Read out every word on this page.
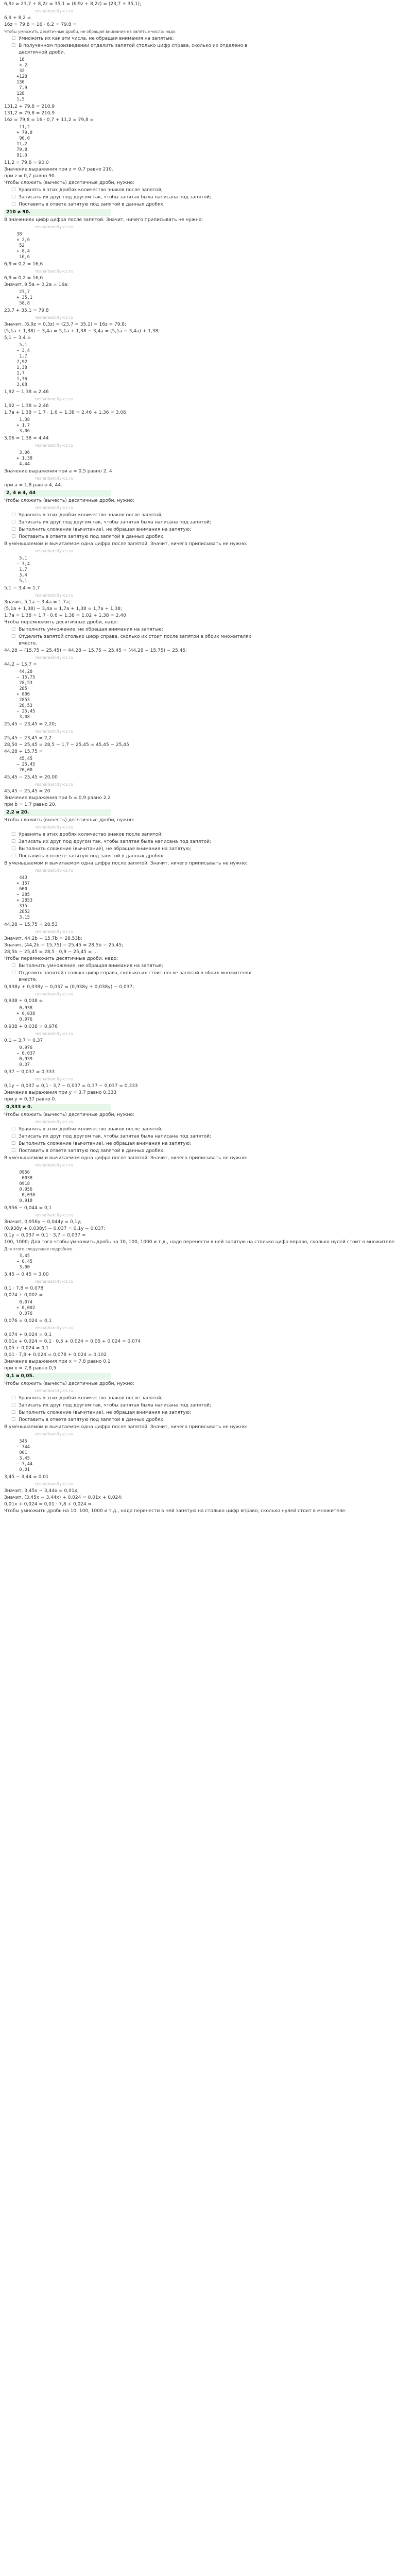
6,9z = 23,7 + 8,2z = 35,1 = (6,9z + 8,2z) = (23,7 + 35,1);

reshalbarcity-cs.ru

6,9 + 8,2 =

16z = 79,8 = 16 · 6,2 = 79,8 =

Чтобы умножить десятичные дроби, не обращая внимания на запятые число: надо:

☐ Умножить их как эти числа, не обращая внимания на запятые;
☐ В полученном произведении отделить запятой столько цифр справа, сколько их отделено в десятичной дроби.
16
× 2
32
+128
130
7,9
128
1,5

131,2 + 79,8 = 210,9

131,2 = 79,8 = 210,9

16z = 79,8 = 16 · 0,7 + 11,2 = 79,8 =

11,2
+ 79,8
90,0
11,2
79,8
91,0

11,2 = 79,8 = 90,0

Значение выражения при z = 0,7 равно 210.

при z = 0,7 равно 90.

Чтобы сложить (вычесть) десятичные дроби, нужно:

☐ Уравнять в этих дробях количество знаков после запятой;
☐ Записать их друг под другом так, чтобы запятая была написана под запятой;
☐ Поставить в ответе запятую под запятой в данных дробях.
210 и 90.

В значениях цифр цифра после запятой. Значит, ничего приписывать не нужно:

reshalbarcity-cs.ru
38
× 2,6
52
+ 8,4
16,6

6,9 = 0,2 = 16,6

reshalbarcity-cs.ru

6,9 = 0,2 = 16,6

Значит, 9,5а + 0,2а = 16а:

23,7
+ 35,1
58,8

23,7 + 35,1 = 79,8

reshalbarcity-cs.ru

Значит, (6,9z = 0,3z) = (23,7 = 35,1) = 16z = 79,8;

(5,1а + 1,38) − 3,4а = 5,1а + 1,38 − 3,4а = (5,1а − 3,4а) + 1,38;

5,1 − 3,4 =

5,1
− 3,4
1,7
7,92
1,38
1,7
1,36
3,08

1,92 − 1,38 = 2,46

reshalbarcity-cs.ru

1,92 − 1,38 = 2,46

1,7а + 1,38 = 1,7 · 1,6 + 1,38 = 2,46 + 1,36 = 3,06

1,38
+ 1,7
3,06

3,06 = 1,38 = 4,44

reshalbarcity-cs.ru
3,06
+ 1,38
4,44

Значение выражения при а = 0,5 равно 2, 4

reshalbarcity-cs.ru

при а = 1,8 равно 4, 44.

2, 4 и 4, 44

Чтобы сложить (вычесть) десятичные дроби, нужно:

reshalbarcity-cs.ru
☐ Уравнять в этих дробях количество знаков после запятой;
☐ Записать их друг под другом так, чтобы запятая была написана под запятой;
☐ Выполнить сложение (вычитание), не обращая внимания на запятую;
☐ Поставить в ответе запятую под запятой в данных дробях.

В уменьшаемом и вычитаемом одна цифра после запятой. Значит, ничего приписывать не нужно.

reshalbarcity-cs.ru
5,1
− 3,4
1,7
3,4
5,1

5,1 − 3,4 = 1,7

reshalbarcity-cs.ru

Значит, 5,1а − 3,4а = 1,7а;

(5,1а + 1,38) − 3,4а = 1,7а + 1,38 = 1,7а + 1,38;

1,7а = 1,38 = 1,7 · 0,6 + 1,38 = 1,02 + 1,38 = 2,40

Чтобы перемножить десятичные дроби, надо:

☐ Выполнить умножение, не обращая внимания на запятые;
☐ Отделить запятой столько цифр справа, сколько их стоит после запятой в обоих множителях вместе.

44,28 − (15,75 − 25,45) = 44,28 − 15,75 − 25,45 = (44,28 − 15,75) − 25,45;

reshalbarcity-cs.ru

44,2 − 15,7 =

44,28
− 15,75
28,53
285
+ 000
2853
28,53
− 25,45
3,08

25,45 − 23,45 = 2,20;

reshalbarcity-cs.ru

25,45 − 23,45 = 2,2

28,50 − 25,45 = 28,5 − 1,7 − 25,45 = 45,45 − 25,45

44,28 + 15,75 =

45,45
− 25,45
20,00

45,45 − 25,45 = 20,00

reshalbarcity-cs.ru

45,45 − 25,45 = 20

Значение выражения при b = 0,9 равно 2,2

при b = 1,7 равно 20.

2,2 и 20.

Чтобы сложить (вычесть) десятичные дроби, нужно:

reshalbarcity-cs.ru
☐ Уравнять в этих дробях количество знаков после запятой;
☐ Записать их друг под другом так, чтобы запятая была написана под запятой;
☐ Выполнить сложение (вычитание), не обращая внимания на запятую;
☐ Поставить в ответе запятую под запятой в данных дробях.

В уменьшаемом и вычитаемом одна цифра после запятой. Значит, ничего приписывать не нужно:

reshalbarcity-cs.ru
443
+ 157
600
− 285
+ 2853
315
2853
3,15

44,28 − 15,75 = 28,53

reshalbarcity-cs.ru

Значит, 44,2b − 15,7b = 28,53b;

Значит, (44,2b − 15,75) − 25,45 = 28,5b − 25,45;

28,5b − 25,45 = 28,5 · 0,9 − 25,45 = ...

Чтобы перемножить десятичные дроби, надо:

☐ Выполнить умножение, не обращая внимания на запятые;
☐ Отделить запятой столько цифр справа, сколько их стоит после запятой в обоих множителях вместе.

0,938у + 0,038у − 0,037 = (0,938у + 0,038у) − 0,037;

reshalbarcity-cs.ru

0,938 + 0,038 =

0,938
+ 0,038
0,976

0,938 + 0,038 = 0,976

reshalbarcity-cs.ru

0,1 − 3,7 = 0,37

0,976
− 0,037
0,939
0,37

0,37 − 0,037 = 0,333

reshalbarcity-cs.ru

0,1у − 0,037 = 0,1 · 3,7 − 0,037 = 0,37 − 0,037 = 0,333

Значение выражения при у = 3,7 равно 0,333

при у = 0,37 равно 0.

0,333 и 0.

Чтобы сложить (вычесть) десятичные дроби, нужно:

reshalbarcity-cs.ru
☐ Уравнять в этих дробях количество знаков после запятой;
☐ Записать их друг под другом так, чтобы запятая была написана под запятой;
☐ Выполнить сложение (вычитание), не обращая внимания на запятую;
☐ Поставить в ответе запятую под запятой в данных дробях.

В уменьшаемом и вычитаемом одна цифра после запятой. Значит, ничего приписывать не нужно:

reshalbarcity-cs.ru
0956
− 0038
0918
0,956
− 0,038
0,918

0,956 − 0,044 = 0,1

reshalbarcity-cs.ru

Значит, 0,956у − 0,044у = 0,1у;

(0,938у + 0,038у) − 0,037 = 0,1у − 0,037;

0,1у − 0,037 = 0,1 · 3,7 − 0,037 =

100, 1000; Для того чтобы умножить дробь на 10, 100, 1000 и т.д., надо перенести в ней запятую на столько цифр вправо, сколько нулей стоит в множителе.

Для этого следующее подробнее.

3,45
− 0,45
3,00

3,45 − 0,45 = 3,00

reshalbarcity-cs.ru

0,1 · 7,8 = 0,078

0,074 + 0,002 =

0,074
+ 0,002
0,076

0,076 = 0,024 = 0,1

reshalbarcity-cs.ru

0,074 + 0,024 = 0,1

0,01х + 0,024 = 0,1 · 0,5 + 0,024 = 0,05 + 0,024 = 0,074

0,05 + 0,024 = 0,1

0,01 · 7,8 + 0,024 = 0,078 + 0,024 = 0,102

Значение выражения при х = 7,8 равно 0,1

при х = 7,8 равно 0,5.

0,1 и 0,05.

Чтобы сложить (вычесть) десятичные дроби, нужно:

reshalbarcity-cs.ru
☐ Уравнять в этих дробях количество знаков после запятой;
☐ Записать их друг под другом так, чтобы запятая была написана под запятой;
☐ Выполнить сложение (вычитание), не обращая внимания на запятую;
☐ Поставить в ответе запятую под запятой в данных дробях.

В уменьшаемом и вычитаемом одна цифра после запятой. Значит, ничего приписывать не нужно:

reshalbarcity-cs.ru
345
− 344
001
3,45
− 3,44
0,01

3,45 − 3,44 = 0,01

reshalbarcity-cs.ru

Значит, 3,45х − 3,44х = 0,01х;

Значит, (3,45х − 3,44х) + 0,024 = 0,01х + 0,024;

0,01х + 0,024 = 0,01 · 7,8 + 0,024 =

Чтобы умножить дробь на 10, 100, 1000 и т.д., надо перенести в ней запятую на столько цифр вправо, сколько нулей стоит в множителе.
